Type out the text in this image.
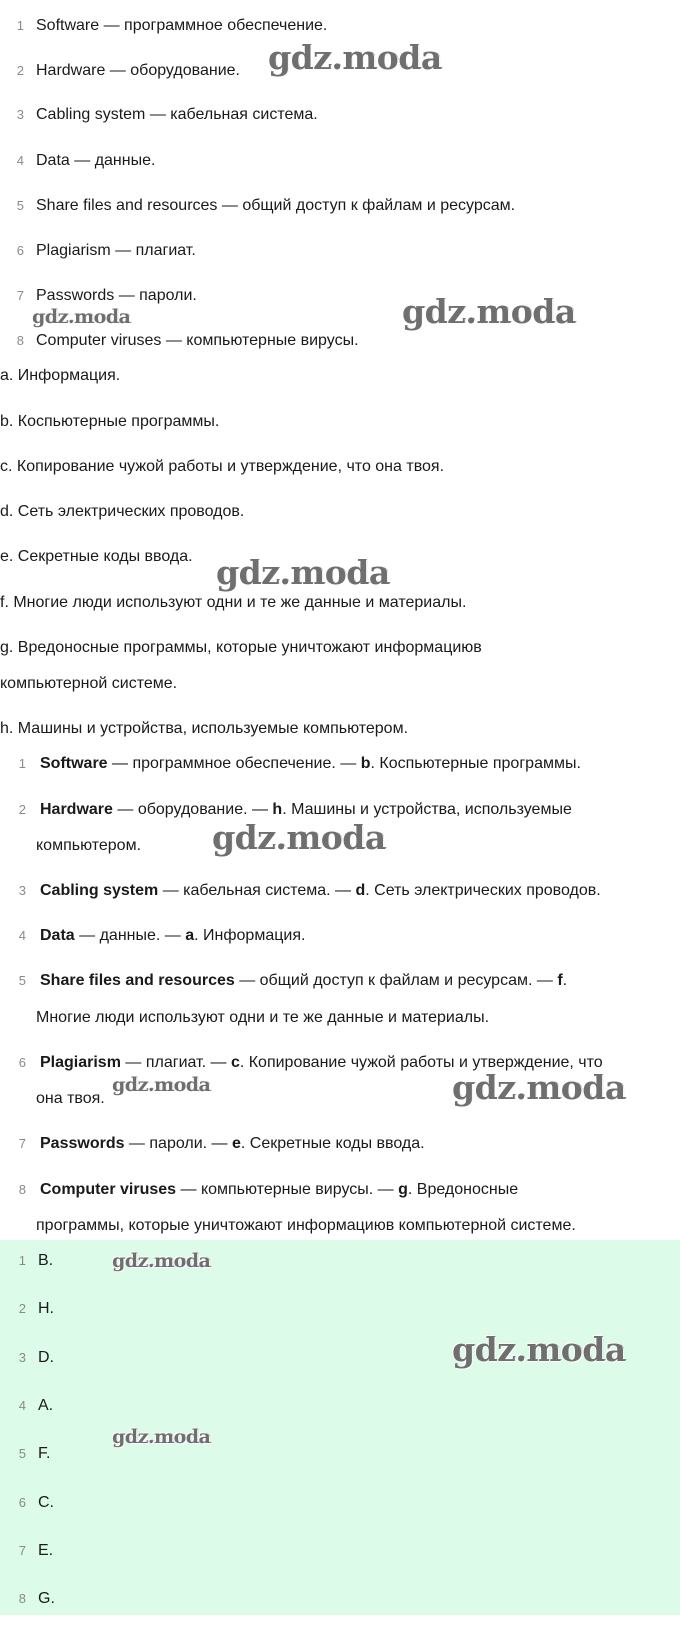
1 Software — программное обеспечение.
2 Hardware — оборудование.
3 Cabling system — кабельная система.
4 Data — данные.
5 Share files and resources — общий доступ к файлам и ресурсам.
6 Plagiarism — плагиат.
7 Passwords — пароли.
8 Computer viruses — компьютерные вирусы.
a. Информация.
b. Коспьютерные программы.
c. Копирование чужой работы и утверждение, что она твоя.
d. Сеть электрических проводов.
e. Секретные коды ввода.
f. Многие люди используют одни и те же данные и материалы.
g. Вредоносные программы, которые уничтожают информациюв
компьютерной системе.
h. Машины и устройства, используемые компьютером.
1 Software — программное обеспечение. — b. Коспьютерные программы.
2 Hardware — оборудование. — h. Машины и устройства, используемые
компьютером.
3 Cabling system — кабельная система. — d. Сеть электрических проводов.
4 Data — данные. — a. Информация.
5 Share files and resources — общий доступ к файлам и ресурсам. — f.
Многие люди используют одни и те же данные и материалы.
6 Plagiarism — плагиат. — c. Копирование чужой работы и утверждение, что
она твоя.
7 Passwords — пароли. — e. Секретные коды ввода.
8 Computer viruses — компьютерные вирусы. — g. Вредоносные
программы, которые уничтожают информациюв компьютерной системе.
1 B.
2 H.
3 D.
4 A.
5 F.
6 C.
7 E.
8 G.
gdz.moda
gdz.moda	gdz.moda
gdz.moda
gdz.moda
gdz.moda	gdz.moda
gdz.moda
gdz.moda
gdz.moda
